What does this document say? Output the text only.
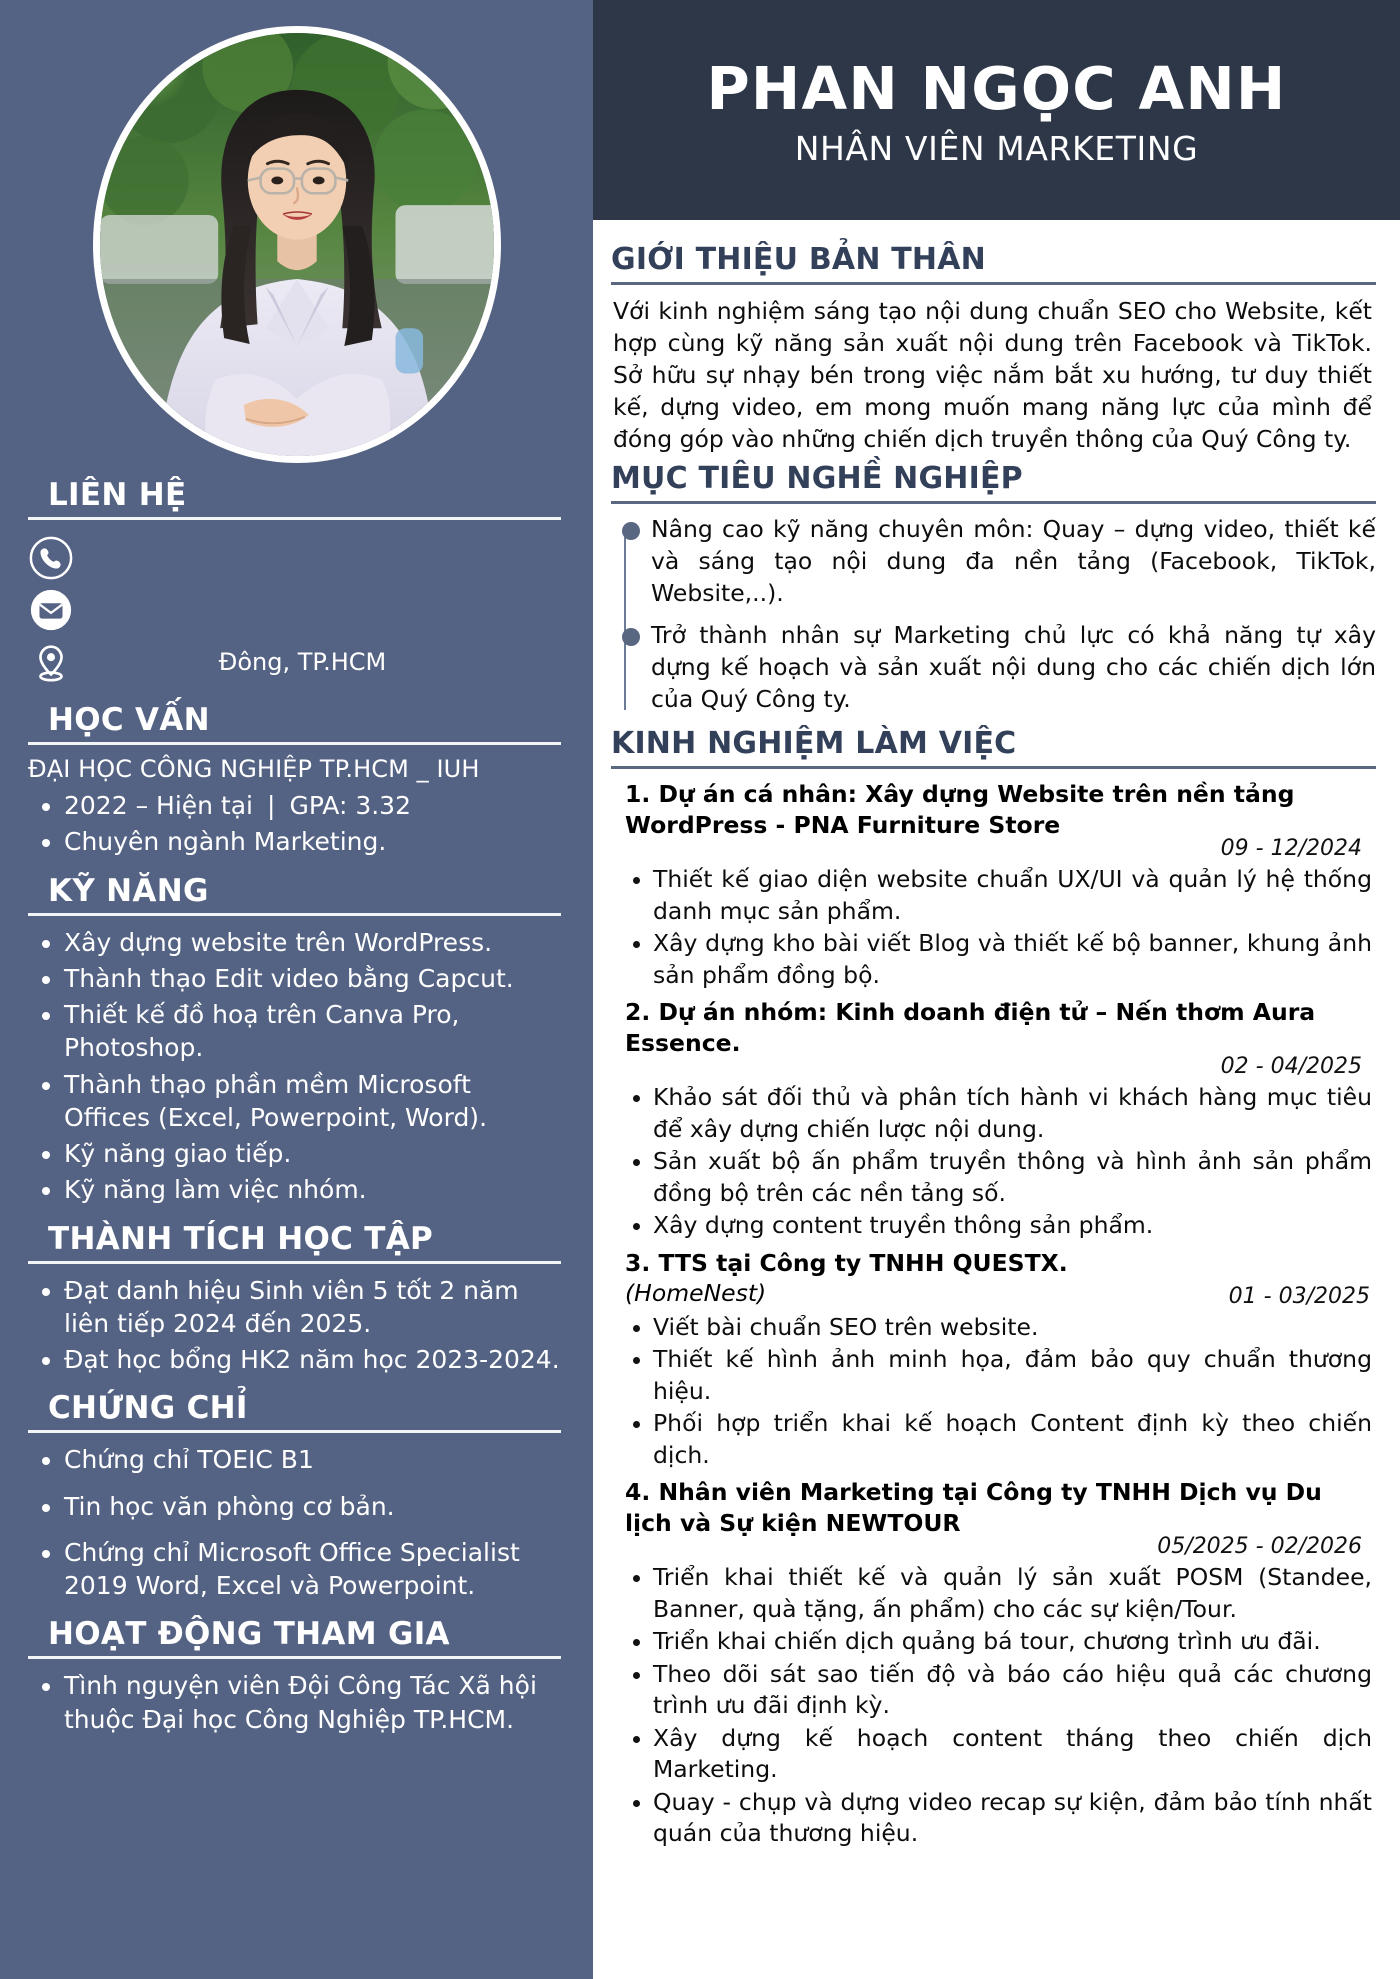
LIÊN HỆ
Đông, TP.HCM
HỌC VẤN
ĐẠI HỌC CÔNG NGHIỆP TP.HCM _ IUH
2022 – Hiện tại | GPA: 3.32
Chuyên ngành Marketing.
KỸ NĂNG
Xây dựng website trên WordPress.
Thành thạo Edit video bằng Capcut.
Thiết kế đồ hoạ trên Canva Pro, Photoshop.
Thành thạo phần mềm Microsoft Offices (Excel, Powerpoint, Word).
Kỹ năng giao tiếp.
Kỹ năng làm việc nhóm.
THÀNH TÍCH HỌC TẬP
Đạt danh hiệu Sinh viên 5 tốt 2 năm liên tiếp 2024 đến 2025.
Đạt học bổng HK2 năm học 2023-2024.
CHỨNG CHỈ
Chứng chỉ TOEIC B1
Tin học văn phòng cơ bản.
Chứng chỉ Microsoft Office Specialist 2019 Word, Excel và Powerpoint.
HOẠT ĐỘNG THAM GIA
Tình nguyện viên Đội Công Tác Xã hội thuộc Đại học Công Nghiệp TP.HCM.
PHAN NGỌC ANH
NHÂN VIÊN MARKETING
GIỚI THIỆU BẢN THÂN

Với kinh nghiệm sáng tạo nội dung chuẩn SEO cho Website, kết hợp cùng kỹ năng sản xuất nội dung trên Facebook và TikTok. Sở hữu sự nhạy bén trong việc nắm bắt xu hướng, tư duy thiết kế, dựng video, em mong muốn mang năng lực của mình để đóng góp vào những chiến dịch truyền thông của Quý Công ty.

MỤC TIÊU NGHỀ NGHIỆP
Nâng cao kỹ năng chuyên môn: Quay – dựng video, thiết kế và sáng tạo nội dung đa nền tảng (Facebook, TikTok, Website,..).
Trở thành nhân sự Marketing chủ lực có khả năng tự xây dựng kế hoạch và sản xuất nội dung cho các chiến dịch lớn của Quý Công ty.
KINH NGHIỆM LÀM VIỆC
1. Dự án cá nhân: Xây dựng Website trên nền tảng WordPress - PNA Furniture Store
09 - 12/2024
Thiết kế giao diện website chuẩn UX/UI và quản lý hệ thống danh mục sản phẩm.
Xây dựng kho bài viết Blog và thiết kế bộ banner, khung ảnh sản phẩm đồng bộ.
2. Dự án nhóm: Kinh doanh điện tử – Nến thơm Aura Essence.
02 - 04/2025
Khảo sát đối thủ và phân tích hành vi khách hàng mục tiêu để xây dựng chiến lược nội dung.
Sản xuất bộ ấn phẩm truyền thông và hình ảnh sản phẩm đồng bộ trên các nền tảng số.
Xây dựng content truyền thông sản phẩm.
3. TTS tại Công ty TNHH QUESTX. (HomeNest)	01 - 03/2025
Viết bài chuẩn SEO trên website.
Thiết kế hình ảnh minh họa, đảm bảo quy chuẩn thương hiệu.
Phối hợp triển khai kế hoạch Content định kỳ theo chiến dịch.
4. Nhân viên Marketing tại Công ty TNHH Dịch vụ Du lịch và Sự kiện NEWTOUR
05/2025 - 02/2026
Triển khai thiết kế và quản lý sản xuất POSM (Standee, Banner, quà tặng, ấn phẩm) cho các sự kiện/Tour.
Triển khai chiến dịch quảng bá tour, chương trình ưu đãi.
Theo dõi sát sao tiến độ và báo cáo hiệu quả các chương trình ưu đãi định kỳ.
Xây dựng kế hoạch content tháng theo chiến dịch Marketing.
Quay - chụp và dựng video recap sự kiện, đảm bảo tính nhất quán của thương hiệu.
